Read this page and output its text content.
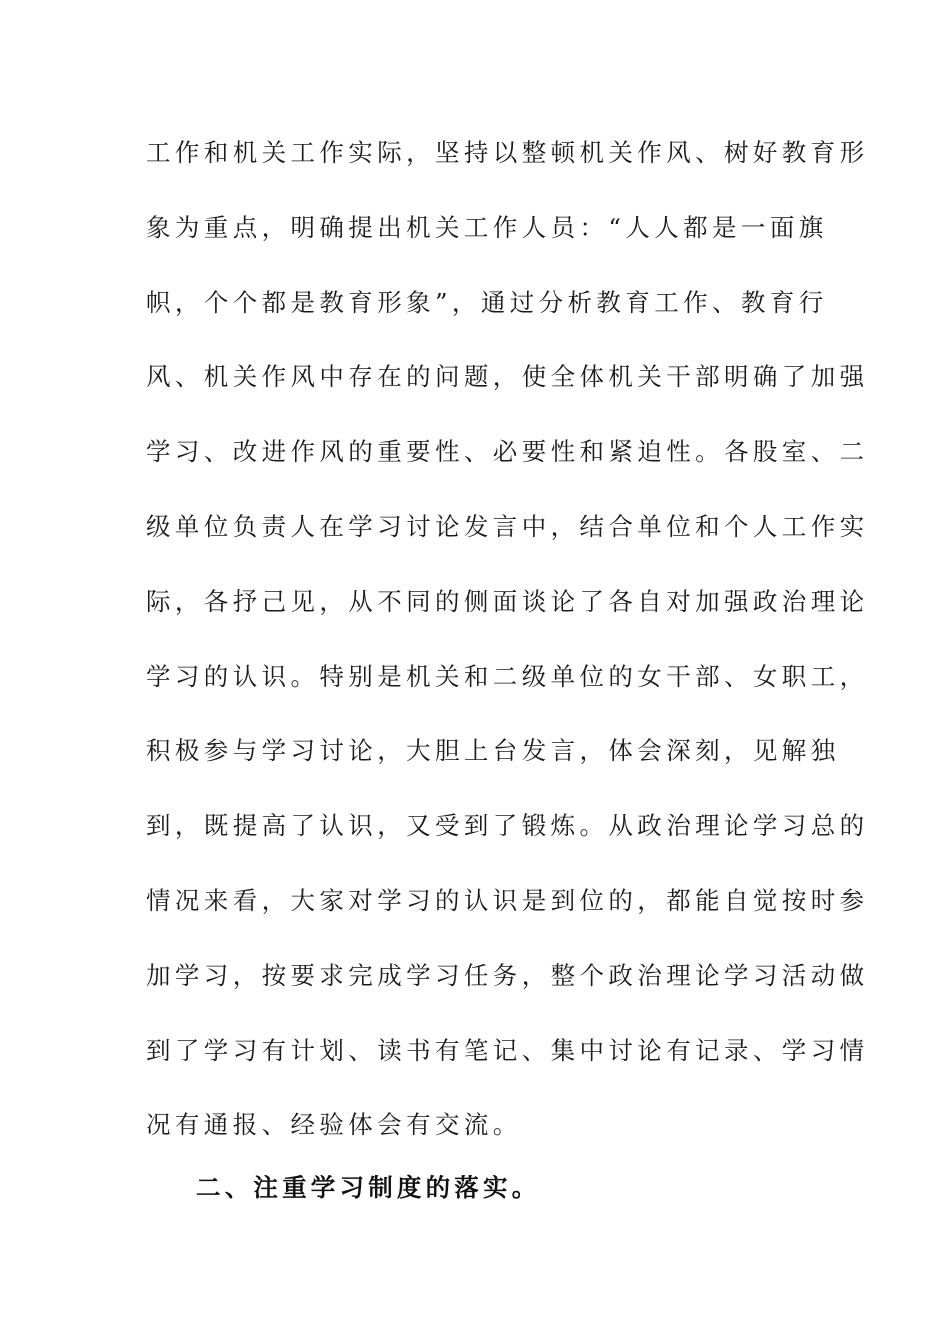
工作和机关工作实际，坚持以整顿机关作风、树好教育形
象为重点，明确提出机关工作人员：“人人都是一面旗
帜，个个都是教育形象”，通过分析教育工作、教育行
风、机关作风中存在的问题，使全体机关干部明确了加强
学习、改进作风的重要性、必要性和紧迫性。各股室、二
级单位负责人在学习讨论发言中，结合单位和个人工作实
际，各抒己见，从不同的侧面谈论了各自对加强政治理论
学习的认识。特别是机关和二级单位的女干部、女职工，
积极参与学习讨论，大胆上台发言，体会深刻，见解独
到，既提高了认识，又受到了锻炼。从政治理论学习总的
情况来看，大家对学习的认识是到位的，都能自觉按时参
加学习，按要求完成学习任务，整个政治理论学习活动做
到了学习有计划、读书有笔记、集中讨论有记录、学习情
况有通报、经验体会有交流。
二、注重学习制度的落实。
